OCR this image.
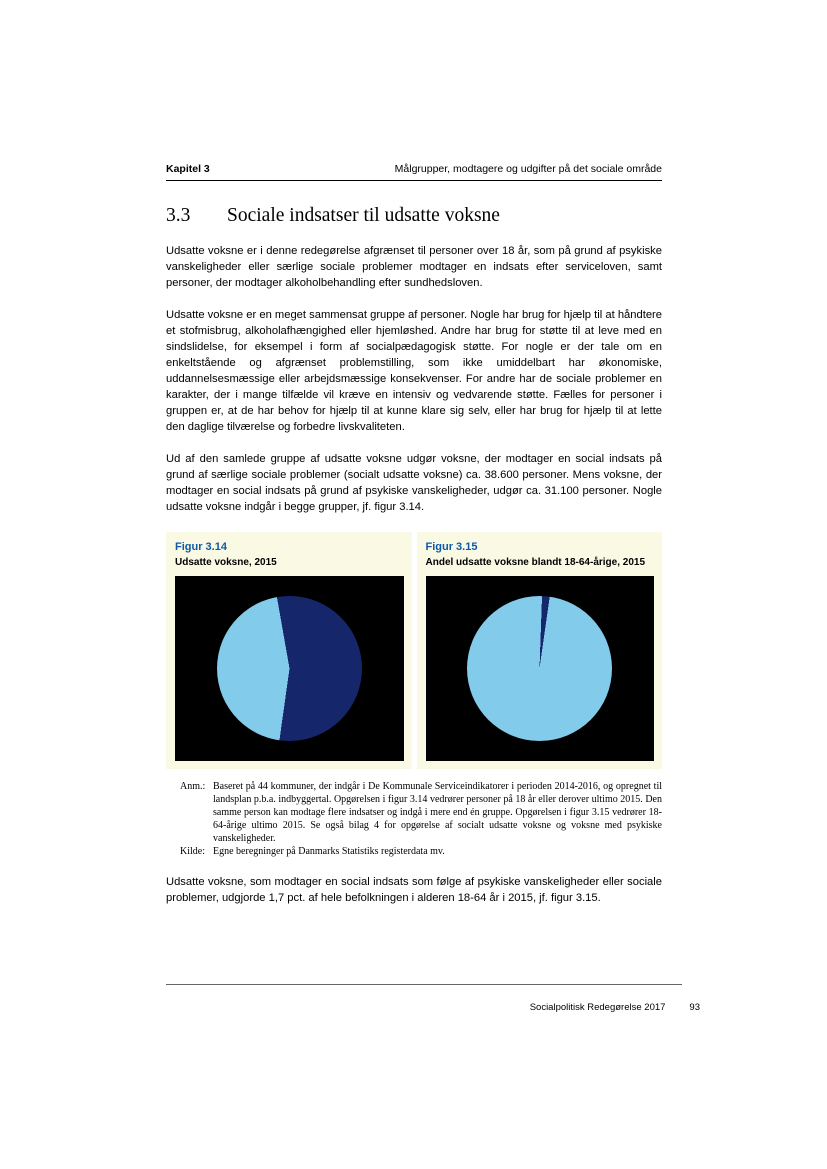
Kapitel 3	Målgrupper, modtagere og udgifter på det sociale område
3.3	Sociale indsatser til udsatte voksne

Udsatte voksne er i denne redegørelse afgrænset til personer over 18 år, som på grund af psykiske vanskeligheder eller særlige sociale problemer modtager en indsats efter serviceloven, samt personer, der modtager alkoholbehandling efter sundhedsloven.

Udsatte voksne er en meget sammensat gruppe af personer. Nogle har brug for hjælp til at håndtere et stofmisbrug, alkoholafhængighed eller hjemløshed. Andre har brug for støtte til at leve med en sindslidelse, for eksempel i form af socialpædagogisk støtte. For nogle er der tale om en enkeltstående og afgrænset problemstilling, som ikke umiddelbart har økonomiske, uddannelsesmæssige eller arbejdsmæssige konsekvenser. For andre har de sociale problemer en karakter, der i mange tilfælde vil kræve en intensiv og vedvarende støtte. Fælles for personer i gruppen er, at de har behov for hjælp til at kunne klare sig selv, eller har brug for hjælp til at lette den daglige tilværelse og forbedre livskvaliteten.

Ud af den samlede gruppe af udsatte voksne udgør voksne, der modtager en social indsats på grund af særlige sociale problemer (socialt udsatte voksne) ca. 38.600 personer. Mens voksne, der modtager en social indsats på grund af psykiske vanskeligheder, udgør ca. 31.100 personer. Nogle udsatte voksne indgår i begge grupper, jf. figur 3.14.

Figur 3.14
Udsatte voksne, 2015
Figur 3.15
Andel udsatte voksne blandt 18-64-årige, 2015
Anm.: Baseret på 44 kommuner, der indgår i De Kommunale Serviceindikatorer i perioden 2014-2016, og opregnet til landsplan p.b.a. indbyggertal. Opgørelsen i figur 3.14 vedrører personer på 18 år eller derover ultimo 2015. Den samme person kan modtage flere indsatser og indgå i mere end én gruppe. Opgørelsen i figur 3.15 vedrører 18-64-årige ultimo 2015. Se også bilag 4 for opgørelse af socialt udsatte voksne og voksne med psykiske vanskeligheder.
Kilde: Egne beregninger på Danmarks Statistiks registerdata mv.

Udsatte voksne, som modtager en social indsats som følge af psykiske vanskeligheder eller sociale problemer, udgjorde 1,7 pct. af hele befolkningen i alderen 18-64 år i 2015, jf. figur 3.15.

Socialpolitisk Redegørelse 2017	93
